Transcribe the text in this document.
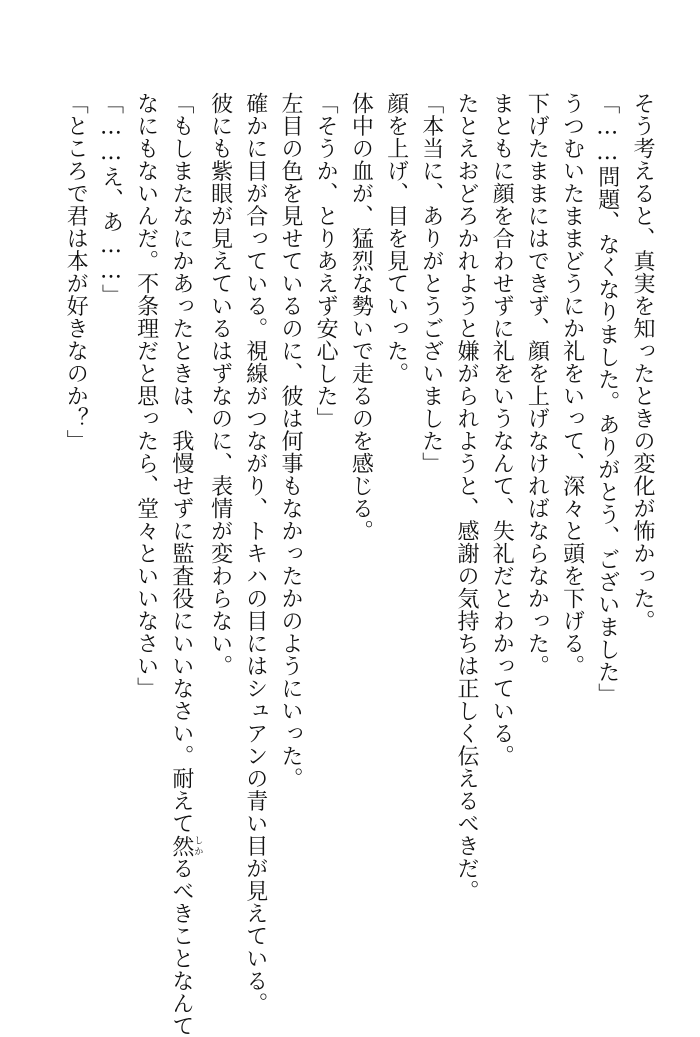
そう考えると、真実を知ったときの変化が怖かった。
「……問題、なくなりました。ありがとう、ございました」
うつむいたままどうにか礼をいって、深々と頭を下げる。
下げたままにはできず、顔を上げなければならなかった。
まともに顔を合わせずに礼をいうなんて、失礼だとわかっている。
たとえおどろかれようと嫌がられようと、感謝の気持ちは正しく伝えるべきだ。
「本当に、ありがとうございました」
顔を上げ、目を見ていった。
体中の血が、猛烈な勢いで走るのを感じる。
「そうか、とりあえず安心した」
左目の色を見せているのに、彼は何事もなかったかのようにいった。
確かに目が合っている。視線がつながり、トキハの目にはシュアンの青い目が見えている。
彼にも紫眼が見えているはずなのに、表情が変わらない。
「もしまたなにかあったときは、我慢せずに監査役にいいなさい。耐えて然しかるべきことなんて
なにもないんだ。不条理だと思ったら、堂々といいなさい」
「……え、あ……」
「ところで君は本が好きなのか？」
